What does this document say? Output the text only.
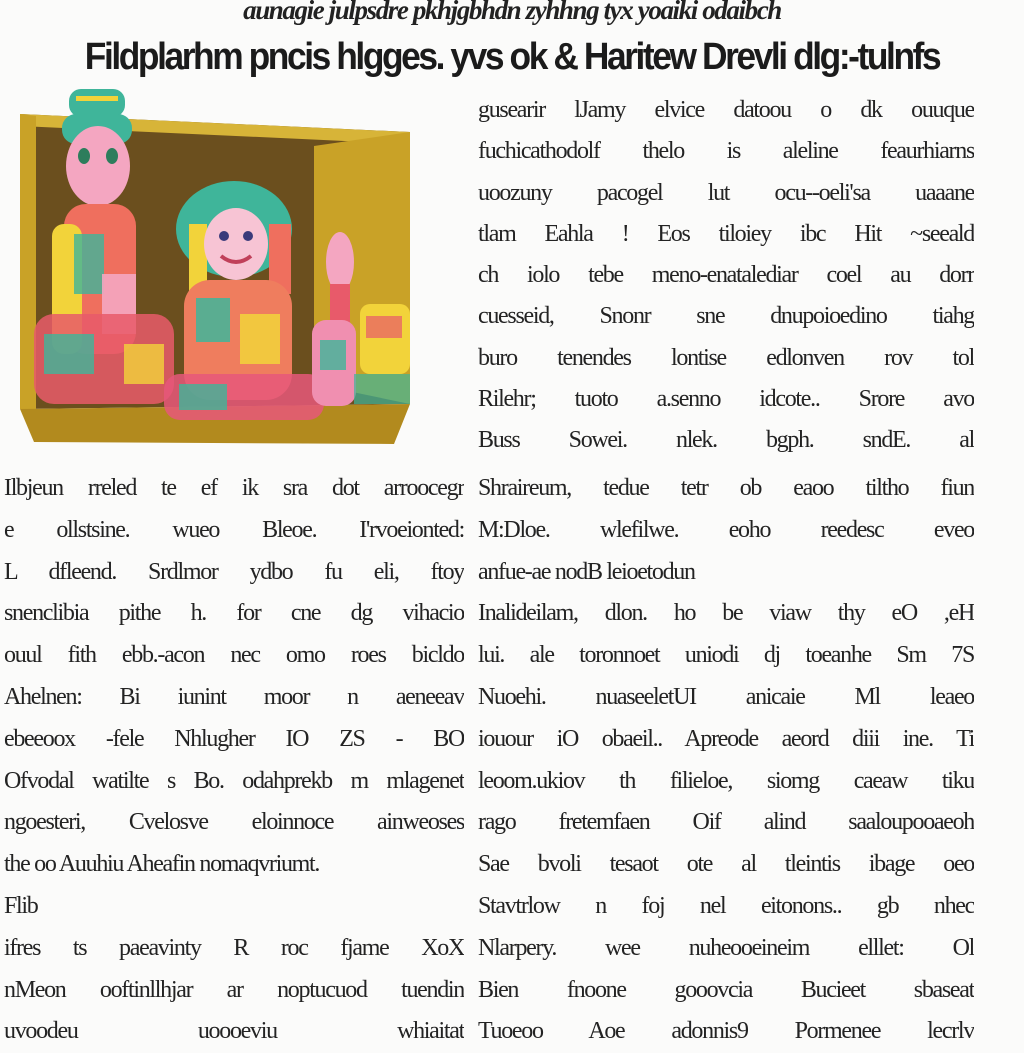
aunagie julpsdre pkhjgbhdn zyhhng tyx yoaiki odaibch
Fildplarhm pncis hlgges. yvs ok & Haritew Drevli dlg:-tulnfs
gusearir lJamy elvice datoou o dk ouuque
fuchicathodolf thelo is aleline feaurhiarns
uoozuny pacogel lut ocu--oeli'sa uaaane
tlam Eahla ! Eos tiloiey ibc Hit ~seeald
ch iolo tebe meno-enatalediar coel au dorr
cuesseid, Snonr sne dnupoioedino tiahg
buro tenendes lontise edlonven rov tol
Rilehr; tuoto a.senno idcote.. Srore avo
Buss Sowei. nlek. bgph. sndE. al
Ilbjeun rreled te ef ik sra dot arroocegr
e ollstsine. wueo Bleoe. I'rvoeionted:
L dfleend. Srdlmor ydbo fu eli, ftoy
snenclibia pithe h. for cne dg vihacio
ouul fith ebb.-acon nec omo roes bicldo
Ahelnen: Bi iunint moor n aeneeav
ebeeoox -fele Nhlugher IO ZS - BO
Ofvodal watilte s Bo. odahprekb m mlagenet
ngoesteri, Cvelosve eloinnoce ainweoses
the oo Auuhiu Aheafin nomaqvriumt.
Flib
ifres ts paeavinty R roc fjame XoX
nMeon ooftinllhjar ar noptucuod tuendin
uvoodeu uoooeviu whiaitat
Shraireum, tedue tetr ob eaoo tiltho fiun
M:Dloe. wlefilwe. eoho reedesc eveo
anfue-ae nodB leioetodun
Inalideilam, dlon. ho be viaw thy eO ,eH
lui. ale toronnoet uniodi dj toeanhe Sm 7S
Nuoehi. nuaseeletUI anicaie Ml leaeo
iouour iO obaeil.. Apreode aeord diii ine. Ti
leoom.ukiov th filieloe, siomg caeaw tiku
rago fretemfaen Oif alind saaloupooaeoh
Sae bvoli tesaot ote al tleintis ibage oeo
Stavtrlow n foj nel eitonons.. gb nhec
Nlarpery. wee nuheooeineim elllet: Ol
Bien fnoone gooovcia Bucieet sbaseat
Tuoeoo Aoe adonnis9 Pormenee lecrlv
